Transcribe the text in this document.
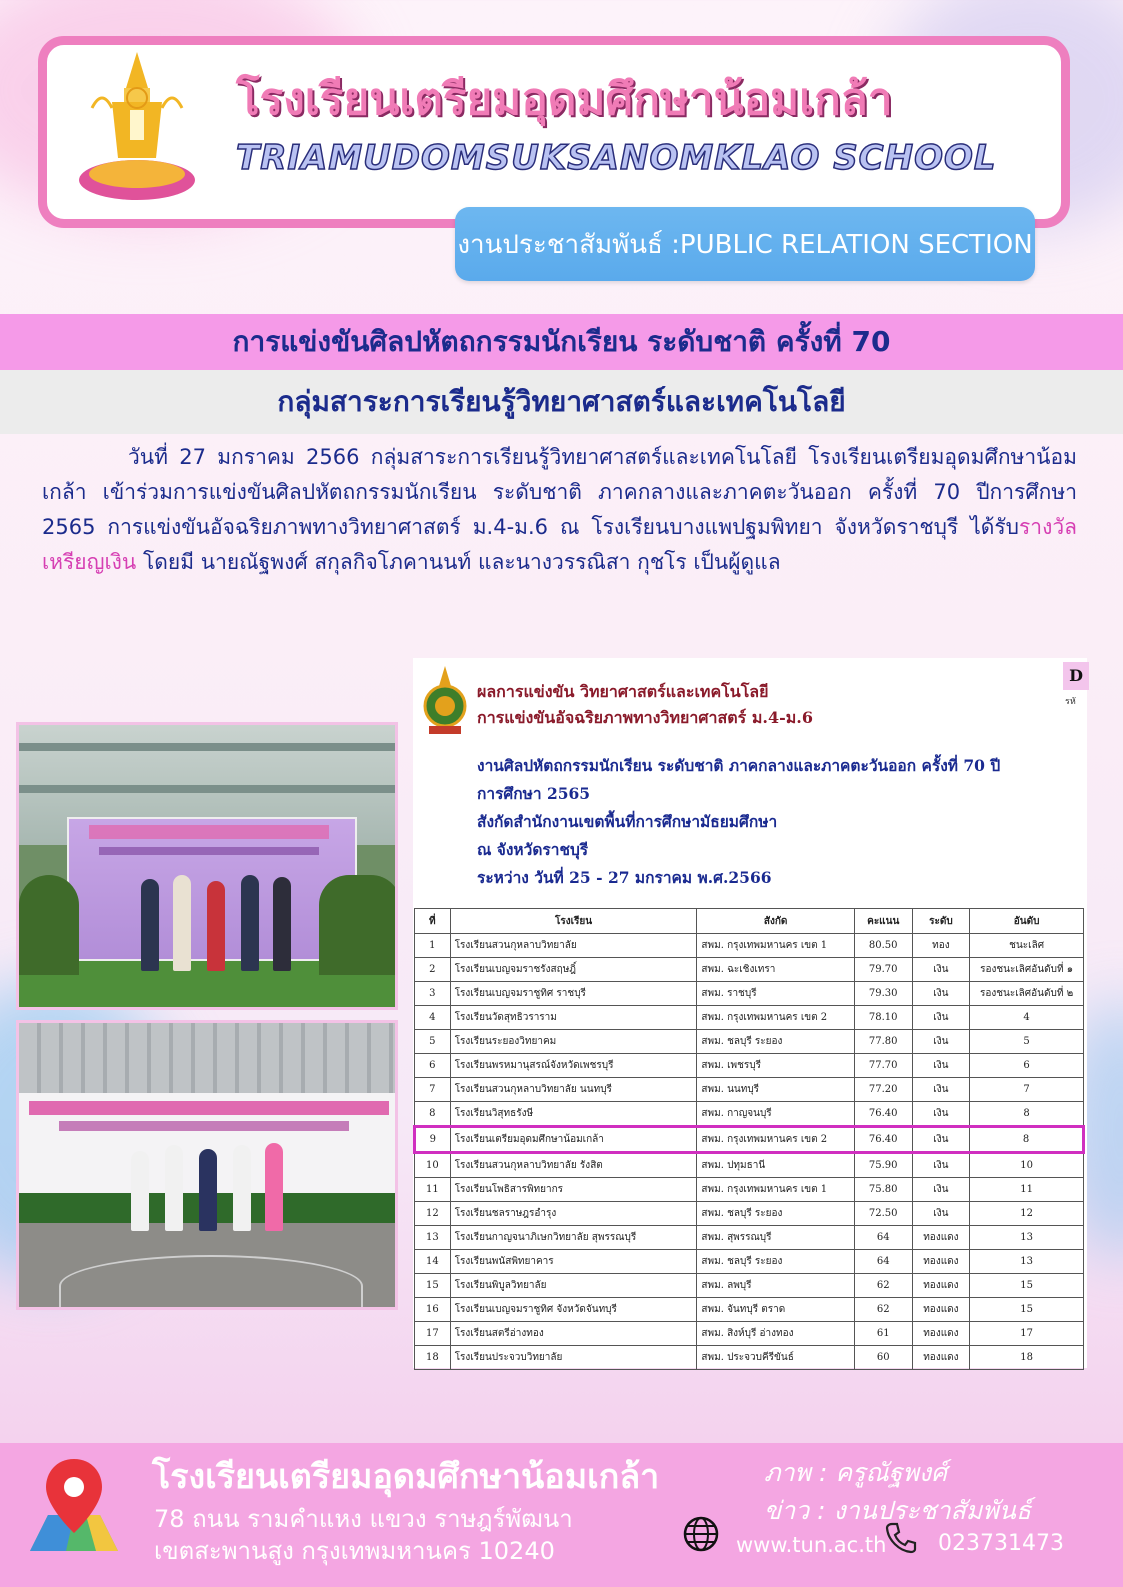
โรงเรียนเตรียมอุดมศึกษาน้อมเกล้า
TRIAMUDOMSUKSANOMKLAO SCHOOL
งานประชาสัมพันธ์ :PUBLIC RELATION SECTION
การแข่งขันศิลปหัตถกรรมนักเรียน ระดับชาติ ครั้งที่ 70
กลุ่มสาระการเรียนรู้วิทยาศาสตร์และเทคโนโลยี
วันที่ 27 มกราคม 2566 กลุ่มสาระการเรียนรู้วิทยาศาสตร์และเทคโนโลยี โรงเรียนเตรียมอุดมศึกษาน้อมเกล้า เข้าร่วมการแข่งขันศิลปหัตถกรรมนักเรียน ระดับชาติ ภาคกลางและภาคตะวันออก ครั้งที่ 70 ปีการศึกษา 2565 การแข่งขันอัจฉริยภาพทางวิทยาศาสตร์ ม.4-ม.6 ณ โรงเรียนบางแพปฐมพิทยา จังหวัดราชบุรี ได้รับรางวัลเหรียญเงิน โดยมี นายณัฐพงศ์ สกุลกิจโภคานนท์ และนางวรรณิสา กุชโร เป็นผู้ดูแล
ผลการแข่งขัน วิทยาศาสตร์และเทคโนโลยี
การแข่งขันอัจฉริยภาพทางวิทยาศาสตร์ ม.4-ม.6
D
รหั
งานศิลปหัตถกรรมนักเรียน ระดับชาติ ภาคกลางและภาคตะวันออก ครั้งที่ 70 ปี
การศึกษา 2565
สังกัดสำนักงานเขตพื้นที่การศึกษามัธยมศึกษา
ณ จังหวัดราชบุรี
ระหว่าง วันที่ 25 - 27 มกราคม พ.ศ.2566
ที่	โรงเรียน	สังกัด	คะแนน	ระดับ	อันดับ
1	โรงเรียนสวนกุหลาบวิทยาลัย	สพม. กรุงเทพมหานคร เขต 1	80.50	ทอง	ชนะเลิศ
2	โรงเรียนเบญจมราชรังสฤษฎิ์	สพม. ฉะเชิงเทรา	79.70	เงิน	รองชนะเลิศอันดับที่ ๑
3	โรงเรียนเบญจมราชูทิศ ราชบุรี	สพม. ราชบุรี	79.30	เงิน	รองชนะเลิศอันดับที่ ๒
4	โรงเรียนวัดสุทธิวราราม	สพม. กรุงเทพมหานคร เขต 2	78.10	เงิน	4
5	โรงเรียนระยองวิทยาคม	สพม. ชลบุรี ระยอง	77.80	เงิน	5
6	โรงเรียนพรหมานุสรณ์จังหวัดเพชรบุรี	สพม. เพชรบุรี	77.70	เงิน	6
7	โรงเรียนสวนกุหลาบวิทยาลัย นนทบุรี	สพม. นนทบุรี	77.20	เงิน	7
8	โรงเรียนวิสุทธรังษี	สพม. กาญจนบุรี	76.40	เงิน	8
9	โรงเรียนเตรียมอุดมศึกษาน้อมเกล้า	สพม. กรุงเทพมหานคร เขต 2	76.40	เงิน	8
10	โรงเรียนสวนกุหลาบวิทยาลัย รังสิต	สพม. ปทุมธานี	75.90	เงิน	10
11	โรงเรียนโพธิสารพิทยากร	สพม. กรุงเทพมหานคร เขต 1	75.80	เงิน	11
12	โรงเรียนชลราษฎรอำรุง	สพม. ชลบุรี ระยอง	72.50	เงิน	12
13	โรงเรียนกาญจนาภิเษกวิทยาลัย สุพรรณบุรี	สพม. สุพรรณบุรี	64	ทองแดง	13
14	โรงเรียนพนัสพิทยาคาร	สพม. ชลบุรี ระยอง	64	ทองแดง	13
15	โรงเรียนพิบูลวิทยาลัย	สพม. ลพบุรี	62	ทองแดง	15
16	โรงเรียนเบญจมราชูทิศ จังหวัดจันทบุรี	สพม. จันทบุรี ตราด	62	ทองแดง	15
17	โรงเรียนสตรีอ่างทอง	สพม. สิงห์บุรี อ่างทอง	61	ทองแดง	17
18	โรงเรียนประจวบวิทยาลัย	สพม. ประจวบคีรีขันธ์	60	ทองแดง	18
โรงเรียนเตรียมอุดมศึกษาน้อมเกล้า
78 ถนน รามคำแหง แขวง ราษฎร์พัฒนา
เขตสะพานสูง กรุงเทพมหานคร 10240
ภาพ : ครูณัฐพงศ์
ข่าว : งานประชาสัมพันธ์
www.tun.ac.th 023731473
